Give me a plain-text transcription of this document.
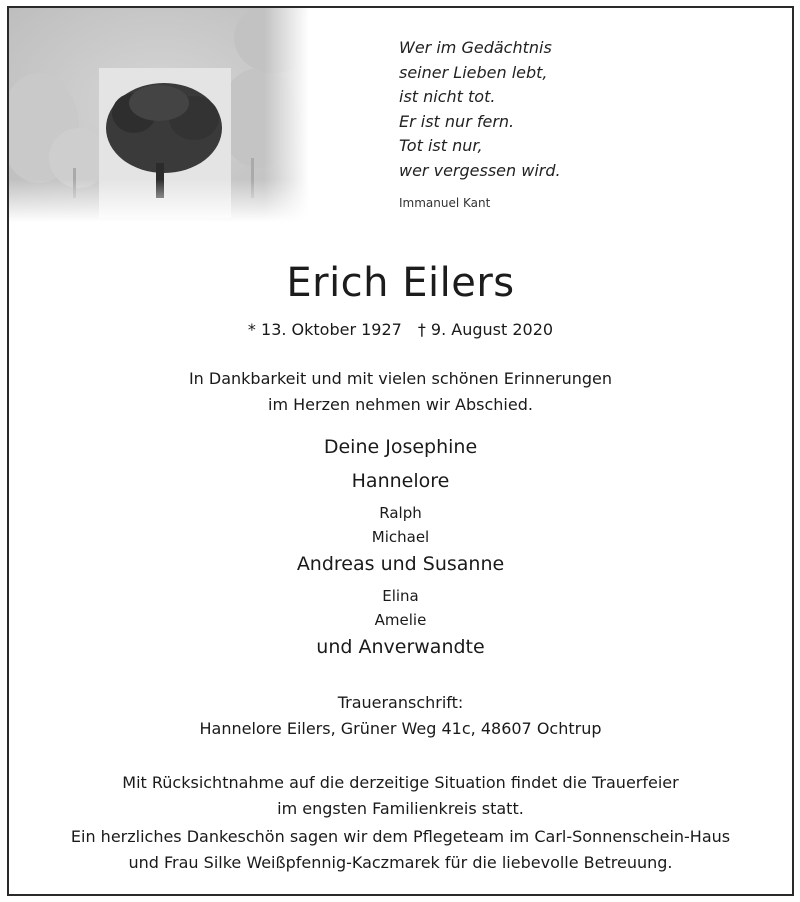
Wer im Gedächtnis
seiner Lieben lebt,
ist nicht tot.
Er ist nur fern.
Tot ist nur,
wer vergessen wird.
Immanuel Kant
Erich Eilers
* 13. Oktober 1927 † 9. August 2020
In Dankbarkeit und mit vielen schönen Erinnerungen
im Herzen nehmen wir Abschied.
Deine Josephine
Hannelore
Ralph
Michael
Andreas und Susanne
Elina
Amelie
und Anverwandte
Traueranschrift:
Hannelore Eilers, Grüner Weg 41c, 48607 Ochtrup
Mit Rücksichtnahme auf die derzeitige Situation findet die Trauerfeier
im engsten Familienkreis statt.
Ein herzliches Dankeschön sagen wir dem Pflegeteam im Carl-Sonnenschein-Haus
und Frau Silke Weißpfennig-Kaczmarek für die liebevolle Betreuung.
